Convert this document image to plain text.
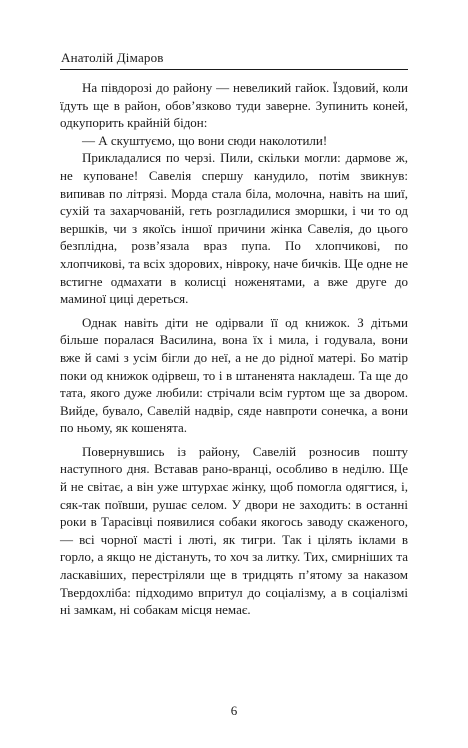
Анатолій Дімаров

На півдорозі до району — невеликий гайок. Їздовий, коли їдуть ще в район, обов’язково туди заверне. Зупинить коней, одкупорить крайній бідон:

— А скуштуємо, що вони сюди наколотили!

Прикладалися по черзі. Пили, скільки могли: дармове ж, не куповане! Савелія спершу канудило, потім звикнув: випивав по літрязі. Морда стала біла, молочна, навіть на шиї, сухій та захарчованій, геть розгладилися зморшки, і чи то од вершків, чи з якоїсь іншої причини жінка Савелія, до цього безплідна, розв’язала враз пупа. По хлопчикові, по хлопчикові, та всіх здорових, нівроку, наче бичків. Ще одне не встигне одмахати в колисці ноженятами, а вже друге до маминої циці дереться.

Однак навіть діти не одірвали її од книжок. З дітьми більше поралася Василина, вона їх і мила, і годувала, вони вже й самі з усім бігли до неї, а не до рідної матері. Бо матір поки од книжок одірвеш, то і в штаненята накладеш. Та ще до тата, якого дуже любили: стрічали всім гуртом ще за двором. Вийде, бувало, Савелій надвір, сяде навпроти сонечка, а вони по ньому, як кошенята.

Повернувшись із району, Савелій розносив пошту наступного дня. Вставав рано-вранці, особливо в неділю. Ще й не світає, а він уже штурхає жінку, щоб помогла одягтися, і, сяк-так поївши, рушає селом. У двори не заходить: в останні роки в Тарасівці появилися собаки якогось заводу скаженого, — всі чорної масті і люті, як тигри. Так і цілять іклами в горло, а якщо не дістануть, то хоч за литку. Тих, смирніших та ласкавіших, перестріляли ще в тридцять п’ятому за наказом Твердохліба: підходимо впритул до соціалізму, а в соціалізмі ні замкам, ні собакам місця немає.

6
